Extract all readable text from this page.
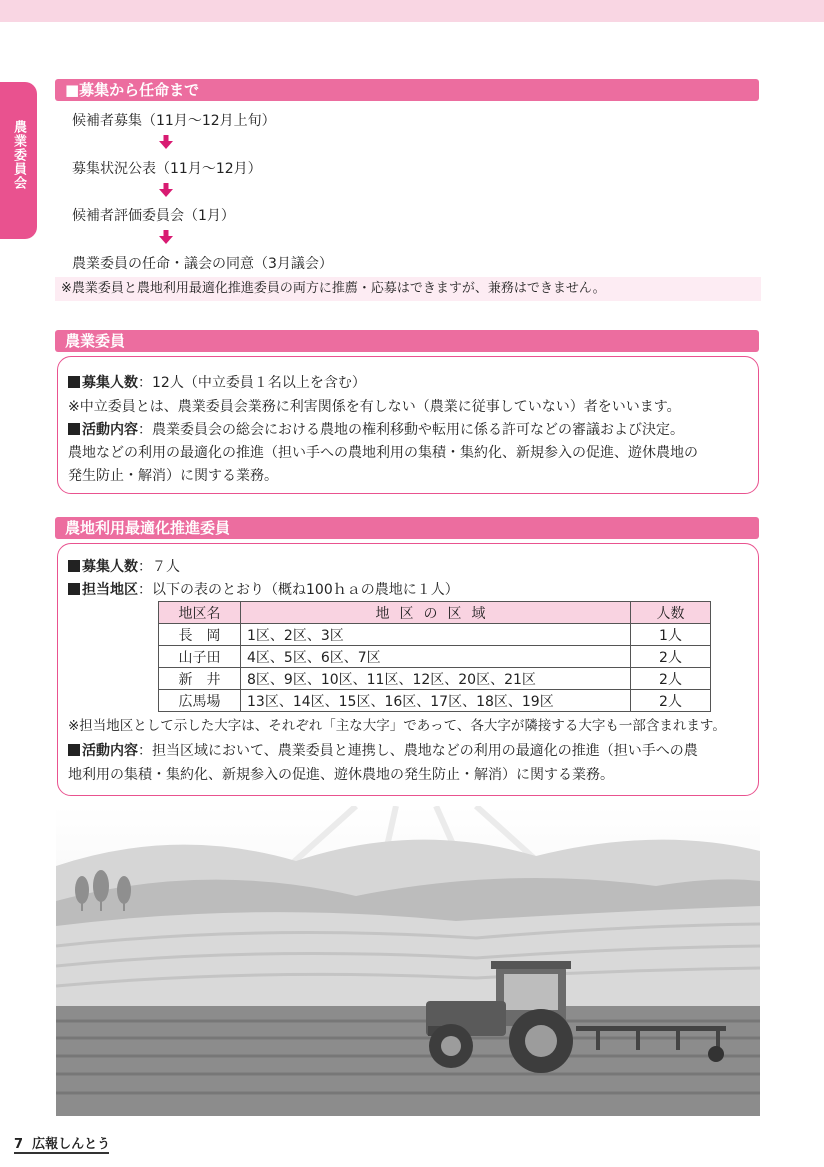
農業委員会
■募集から任命まで
候補者募集（11月～12月上旬）
募集状況公表（11月～12月）
候補者評価委員会（1月）
農業委員の任命・議会の同意（3月議会）
※農業委員と農地利用最適化推進委員の両方に推薦・応募はできますが、兼務はできません。
農業委員
募集人数：12人（中立委員１名以上を含む）
※中立委員とは、農業委員会業務に利害関係を有しない（農業に従事していない）者をいいます。
活動内容：農業委員会の総会における農地の権利移動や転用に係る許可などの審議および決定。
農地などの利用の最適化の推進（担い手への農地利用の集積・集約化、新規参入の促進、遊休農地の
発生防止・解消）に関する業務。
農地利用最適化推進委員
募集人数：７人
担当地区：以下の表のとおり（概ね100ｈａの農地に１人）
地区名	地区の区域	人数
長　岡	1区、2区、3区	1人
山子田	4区、5区、6区、7区	2人
新　井	8区、9区、10区、11区、12区、20区、21区	2人
広馬場	13区、14区、15区、16区、17区、18区、19区	2人
※担当地区として示した大字は、それぞれ「主な大字」であって、各大字が隣接する大字も一部含まれます。
活動内容：担当区域において、農業委員と連携し、農地などの利用の最適化の推進（担い手への農
地利用の集積・集約化、新規参入の促進、遊休農地の発生防止・解消）に関する業務。
7 広報しんとう
